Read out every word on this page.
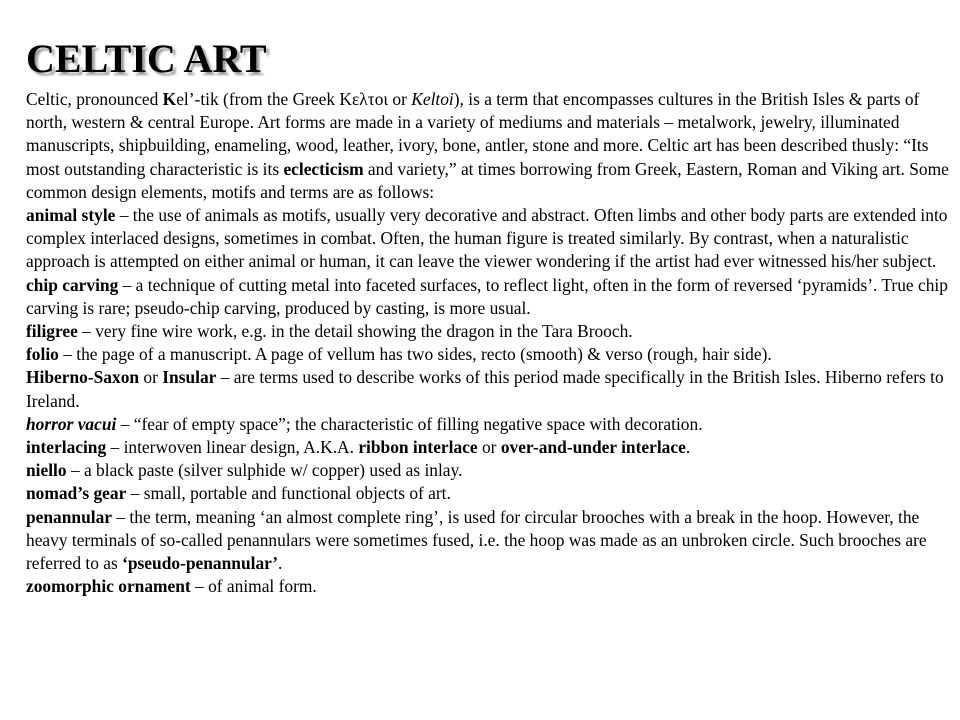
CELTIC ART

Celtic, pronounced Kel’-tik (from the Greek Κελτοι or Keltoi), is a term that encompasses cultures in the British Isles & parts of north, western & central Europe. Art forms are made in a variety of mediums and materials – metalwork, jewelry, illuminated manuscripts, shipbuilding, enameling, wood, leather, ivory, bone, antler, stone and more. Celtic art has been described thusly: “Its most outstanding characteristic is its eclecticism and variety,” at times borrowing from Greek, Eastern, Roman and Viking art. Some common design elements, motifs and terms are as follows:

animal style – the use of animals as motifs, usually very decorative and abstract. Often limbs and other body parts are extended into complex interlaced designs, sometimes in combat. Often, the human figure is treated similarly. By contrast, when a naturalistic approach is attempted on either animal or human, it can leave the viewer wondering if the artist had ever witnessed his/her subject.

chip carving – a technique of cutting metal into faceted surfaces, to reflect light, often in the form of reversed ‘pyramids’. True chip carving is rare; pseudo-chip carving, produced by casting, is more usual.

filigree – very fine wire work, e.g. in the detail showing the dragon in the Tara Brooch.

folio – the page of a manuscript. A page of vellum has two sides, recto (smooth) & verso (rough, hair side).

Hiberno-Saxon or Insular – are terms used to describe works of this period made specifically in the British Isles. Hiberno refers to Ireland.

horror vacui – “fear of empty space”; the characteristic of filling negative space with decoration.

interlacing – interwoven linear design, A.K.A. ribbon interlace or over-and-under interlace.

niello – a black paste (silver sulphide w/ copper) used as inlay.

nomad’s gear – small, portable and functional objects of art.

penannular – the term, meaning ‘an almost complete ring’, is used for circular brooches with a break in the hoop. However, the heavy terminals of so-called penannulars were sometimes fused, i.e. the hoop was made as an unbroken circle. Such brooches are referred to as ‘pseudo-penannular’.

zoomorphic ornament – of animal form.
